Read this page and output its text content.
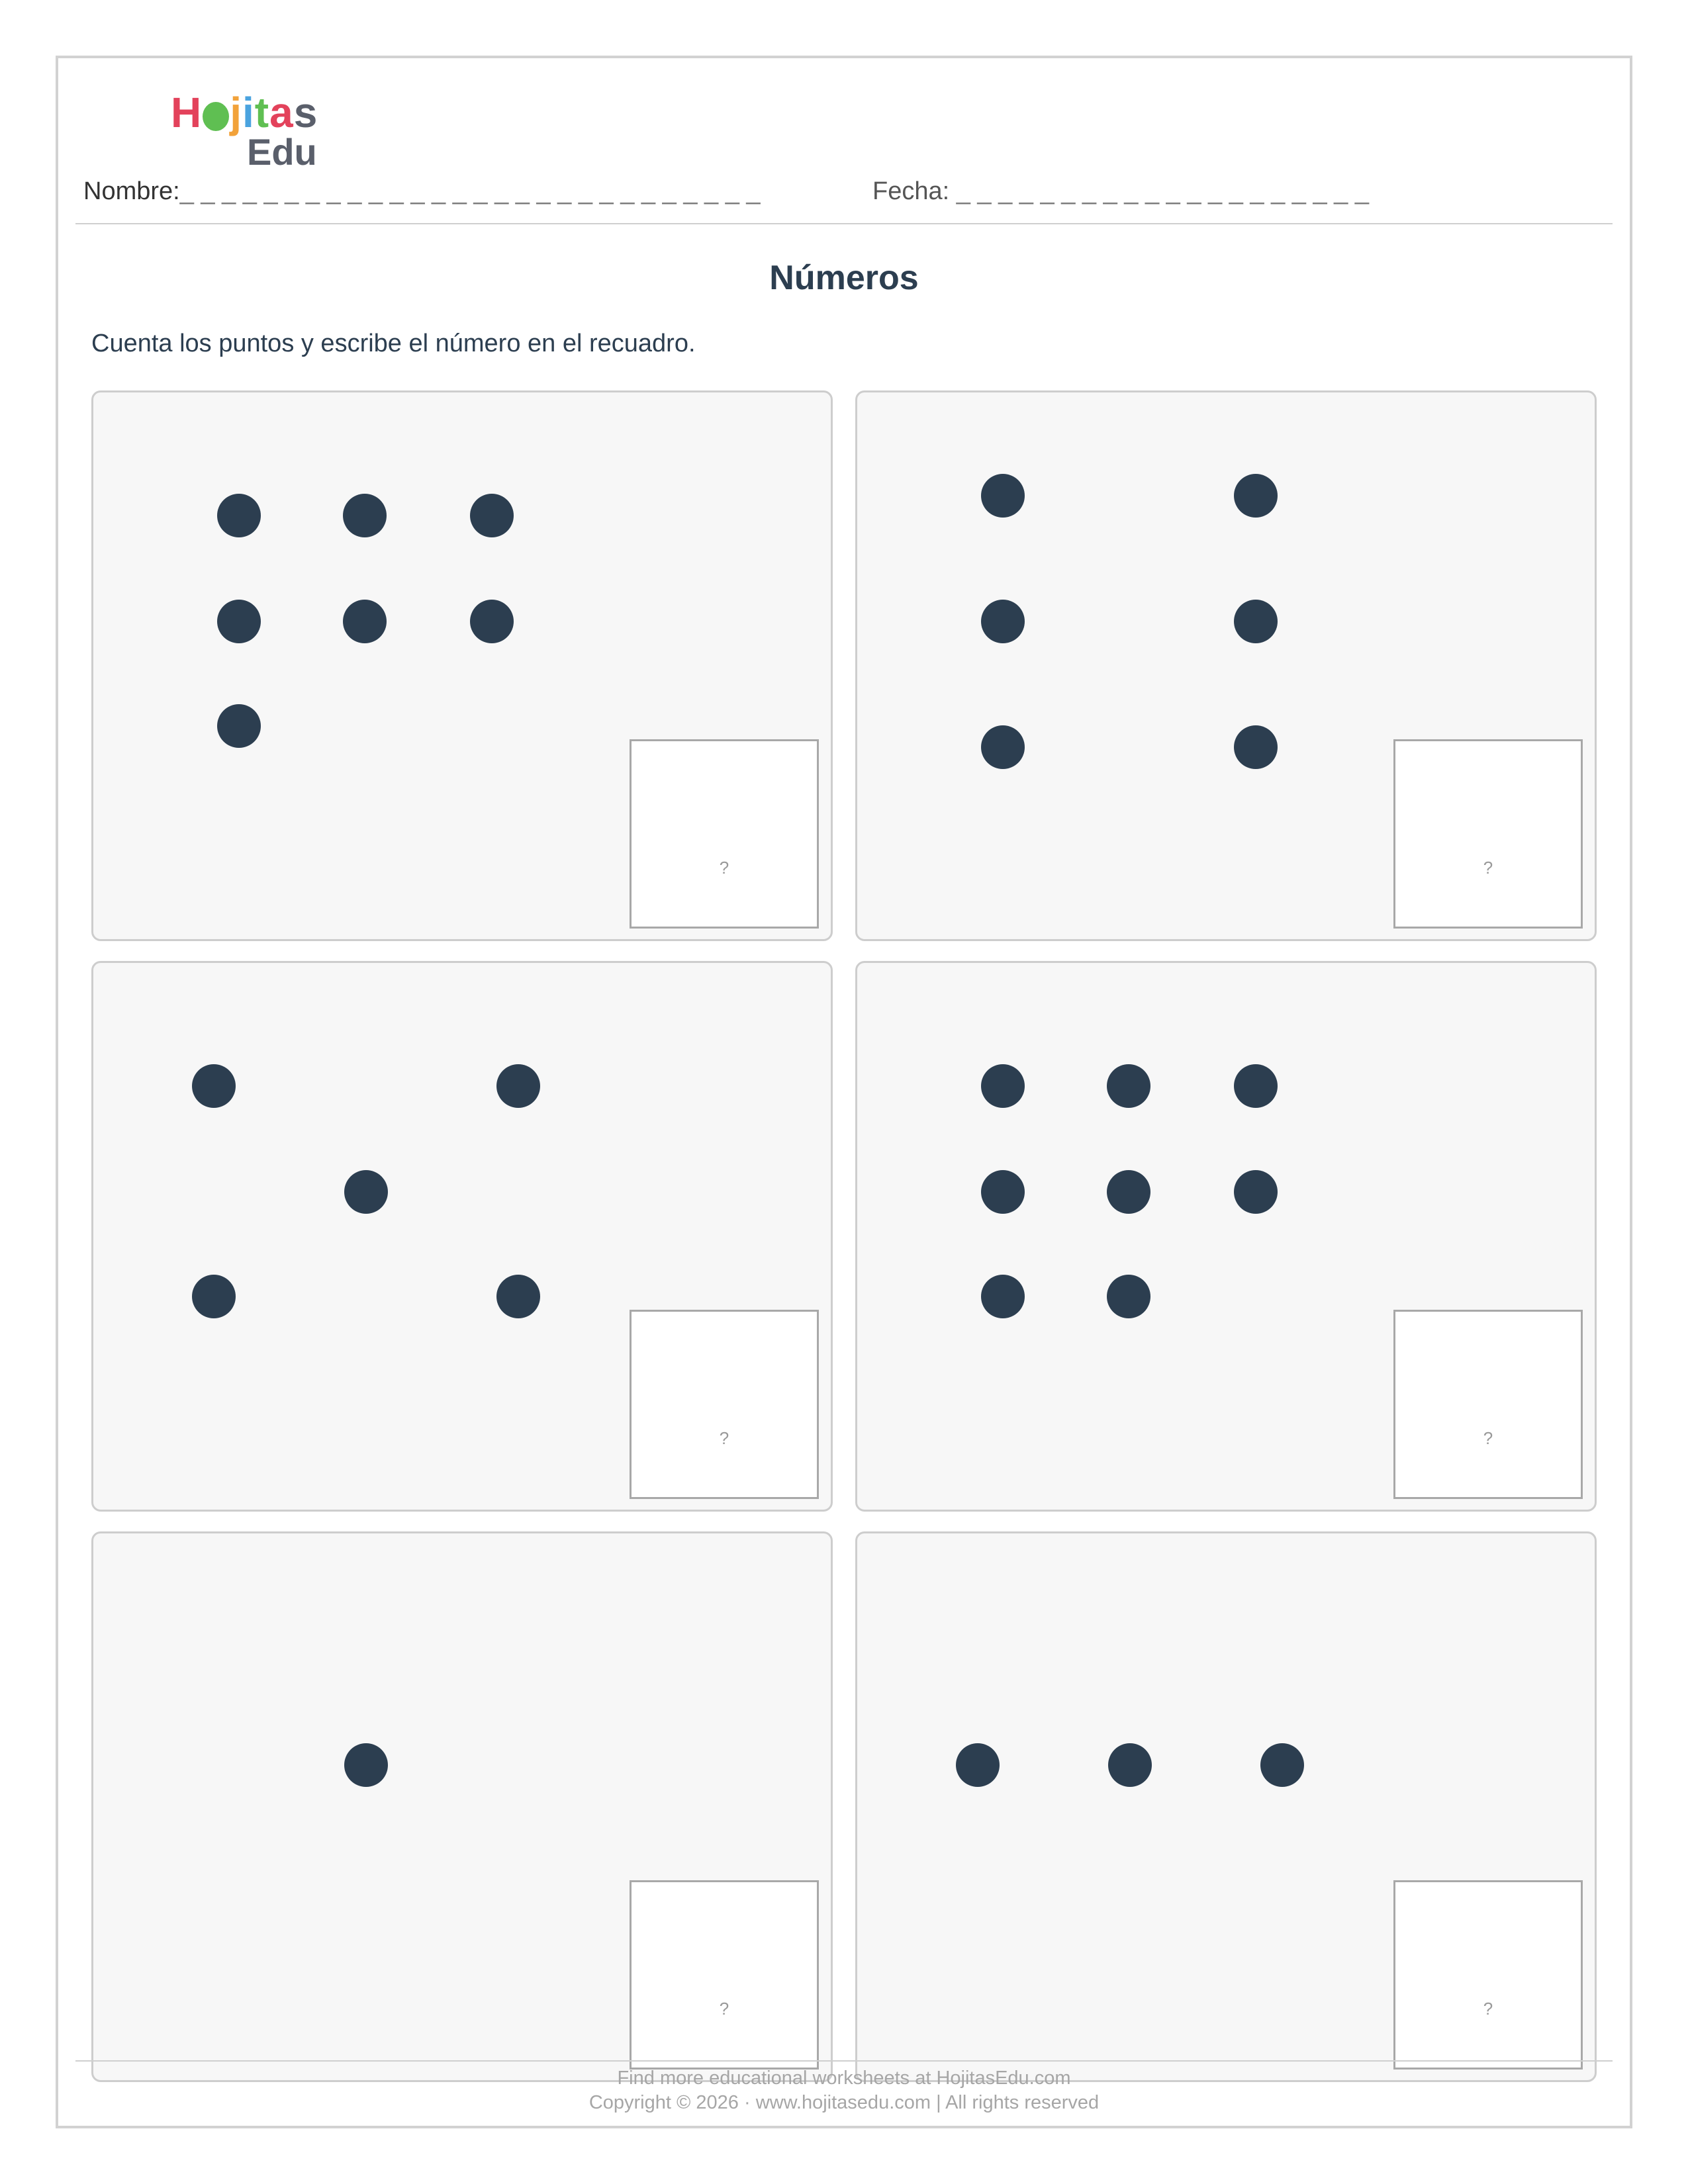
H jitas
Edu
Nombre:_ _ _ _ _ _ _ _ _ _ _ _ _ _ _ _ _ _ _ _ _ _ _ _ _ _ _ _	Fecha: _ _ _ _ _ _ _ _ _ _ _ _ _ _ _ _ _ _ _ _
Números
Cuenta los puntos y escribe el número en el recuadro.
?	?
?	?
?	?
Find more educational worksheets at HojitasEdu.com
Copyright © 2026 · www.hojitasedu.com | All rights reserved
